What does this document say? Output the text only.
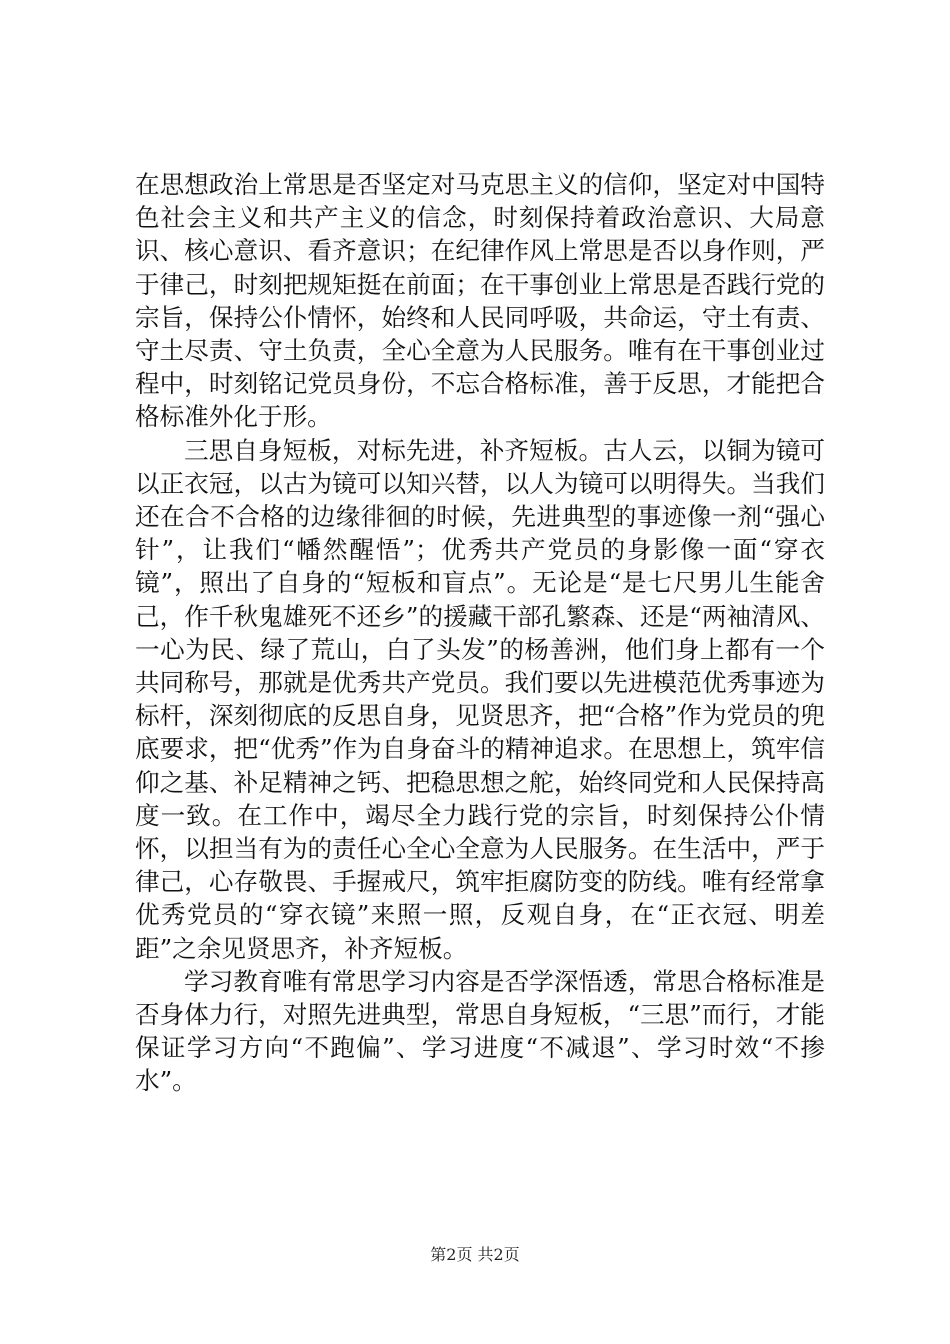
在思想政治上常思是否坚定对马克思主义的信仰，坚定对中国特色社会主义和共产主义的信念，时刻保持着政治意识、大局意识、核心意识、看齐意识；在纪律作风上常思是否以身作则，严于律己，时刻把规矩挺在前面；在干事创业上常思是否践行党的宗旨，保持公仆情怀，始终和人民同呼吸，共命运，守土有责、守土尽责、守土负责，全心全意为人民服务。唯有在干事创业过程中，时刻铭记党员身份，不忘合格标准，善于反思，才能把合格标准外化于形。

三思自身短板，对标先进，补齐短板。古人云，以铜为镜可以正衣冠，以古为镜可以知兴替，以人为镜可以明得失。当我们还在合不合格的边缘徘徊的时候，先进典型的事迹像一剂“强心针”，让我们“幡然醒悟”；优秀共产党员的身影像一面“穿衣镜”，照出了自身的“短板和盲点”。无论是“是七尺男儿生能舍己，作千秋鬼雄死不还乡”的援藏干部孔繁森、还是“两袖清风、一心为民、绿了荒山，白了头发”的杨善洲，他们身上都有一个共同称号，那就是优秀共产党员。我们要以先进模范优秀事迹为标杆，深刻彻底的反思自身，见贤思齐，把“合格”作为党员的兜底要求，把“优秀”作为自身奋斗的精神追求。在思想上，筑牢信仰之基、补足精神之钙、把稳思想之舵，始终同党和人民保持高度一致。在工作中，竭尽全力践行党的宗旨，时刻保持公仆情怀，以担当有为的责任心全心全意为人民服务。在生活中，严于律己，心存敬畏、手握戒尺，筑牢拒腐防变的防线。唯有经常拿优秀党员的“穿衣镜”来照一照，反观自身，在“正衣冠、明差距”之余见贤思齐，补齐短板。

学习教育唯有常思学习内容是否学深悟透，常思合格标准是否身体力行，对照先进典型，常思自身短板，“三思”而行，才能保证学习方向“不跑偏”、学习进度“不减退”、学习时效“不掺水”。

第2页 共2页
